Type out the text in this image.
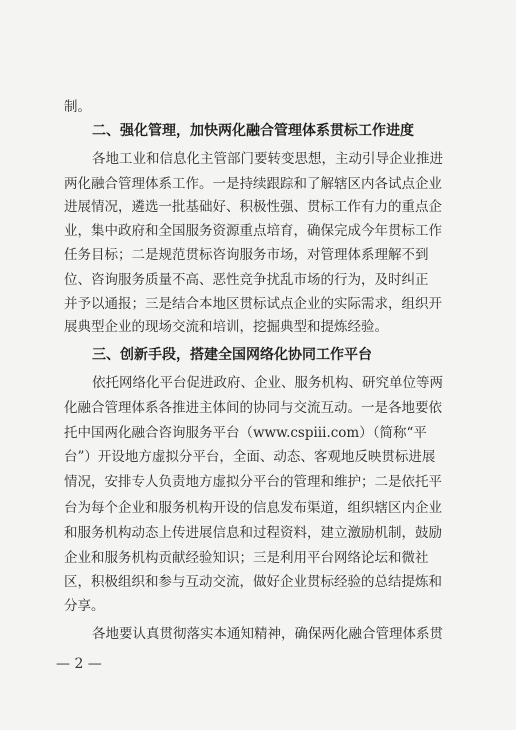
制。
二、强化管理，加快两化融合管理体系贯标工作进度
各地工业和信息化主管部门要转变思想，主动引导企业推进
两化融合管理体系工作。一是持续跟踪和了解辖区内各试点企业
进展情况，遴选一批基础好、积极性强、贯标工作有力的重点企
业，集中政府和全国服务资源重点培育，确保完成今年贯标工作
任务目标；二是规范贯标咨询服务市场，对管理体系理解不到
位、咨询服务质量不高、恶性竞争扰乱市场的行为，及时纠正
并予以通报；三是结合本地区贯标试点企业的实际需求，组织开
展典型企业的现场交流和培训，挖掘典型和提炼经验。
三、创新手段，搭建全国网络化协同工作平台
依托网络化平台促进政府、企业、服务机构、研究单位等两
化融合管理体系各推进主体间的协同与交流互动。一是各地要依
托中国两化融合咨询服务平台（www.cspiii.com）（简称“平
台”）开设地方虚拟分平台，全面、动态、客观地反映贯标进展
情况，安排专人负责地方虚拟分平台的管理和维护；二是依托平
台为每个企业和服务机构开设的信息发布渠道，组织辖区内企业
和服务机构动态上传进展信息和过程资料，建立激励机制，鼓励
企业和服务机构贡献经验知识；三是利用平台网络论坛和微社
区，积极组织和参与互动交流，做好企业贯标经验的总结提炼和
分享。
各地要认真贯彻落实本通知精神，确保两化融合管理体系贯
— 2 —
